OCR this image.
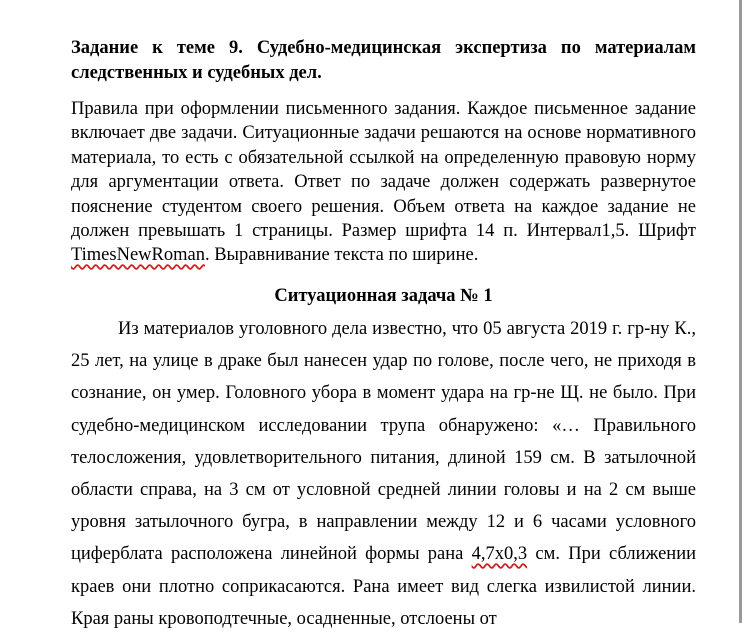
Задание к теме 9. Судебно-медицинская экспертиза по материалам следственных и судебных дел.

Правила при оформлении письменного задания. Каждое письменное задание включает две задачи. Ситуационные задачи решаются на основе нормативного материала, то есть с обязательной ссылкой на определенную правовую норму для аргументации ответа. Ответ по задаче должен содержать развернутое пояснение студентом своего решения. Объем ответа на каждое задание не должен превышать 1 страницы. Размер шрифта 14 п. Интервал1,5. Шрифт TimesNewRoman. Выравнивание текста по ширине.

Ситуационная задача № 1

Из материалов уголовного дела известно, что 05 августа 2019 г. гр-ну К., 25 лет, на улице в драке был нанесен удар по голове, после чего, не приходя в сознание, он умер. Головного убора в момент удара на гр-не Щ. не было. При судебно-медицинском исследовании трупа обнаружено: «… Правильного телосложения, удовлетворительного питания, длиной 159 см. В затылочной области справа, на 3 см от условной средней линии головы и на 2 см выше уровня затылочного бугра, в направлении между 12 и 6 часами условного циферблата расположена линейной формы рана 4,7х0,3 см. При сближении краев они плотно соприкасаются. Рана имеет вид слегка извилистой линии. Края раны кровоподтечные, осадненные, отслоены от
